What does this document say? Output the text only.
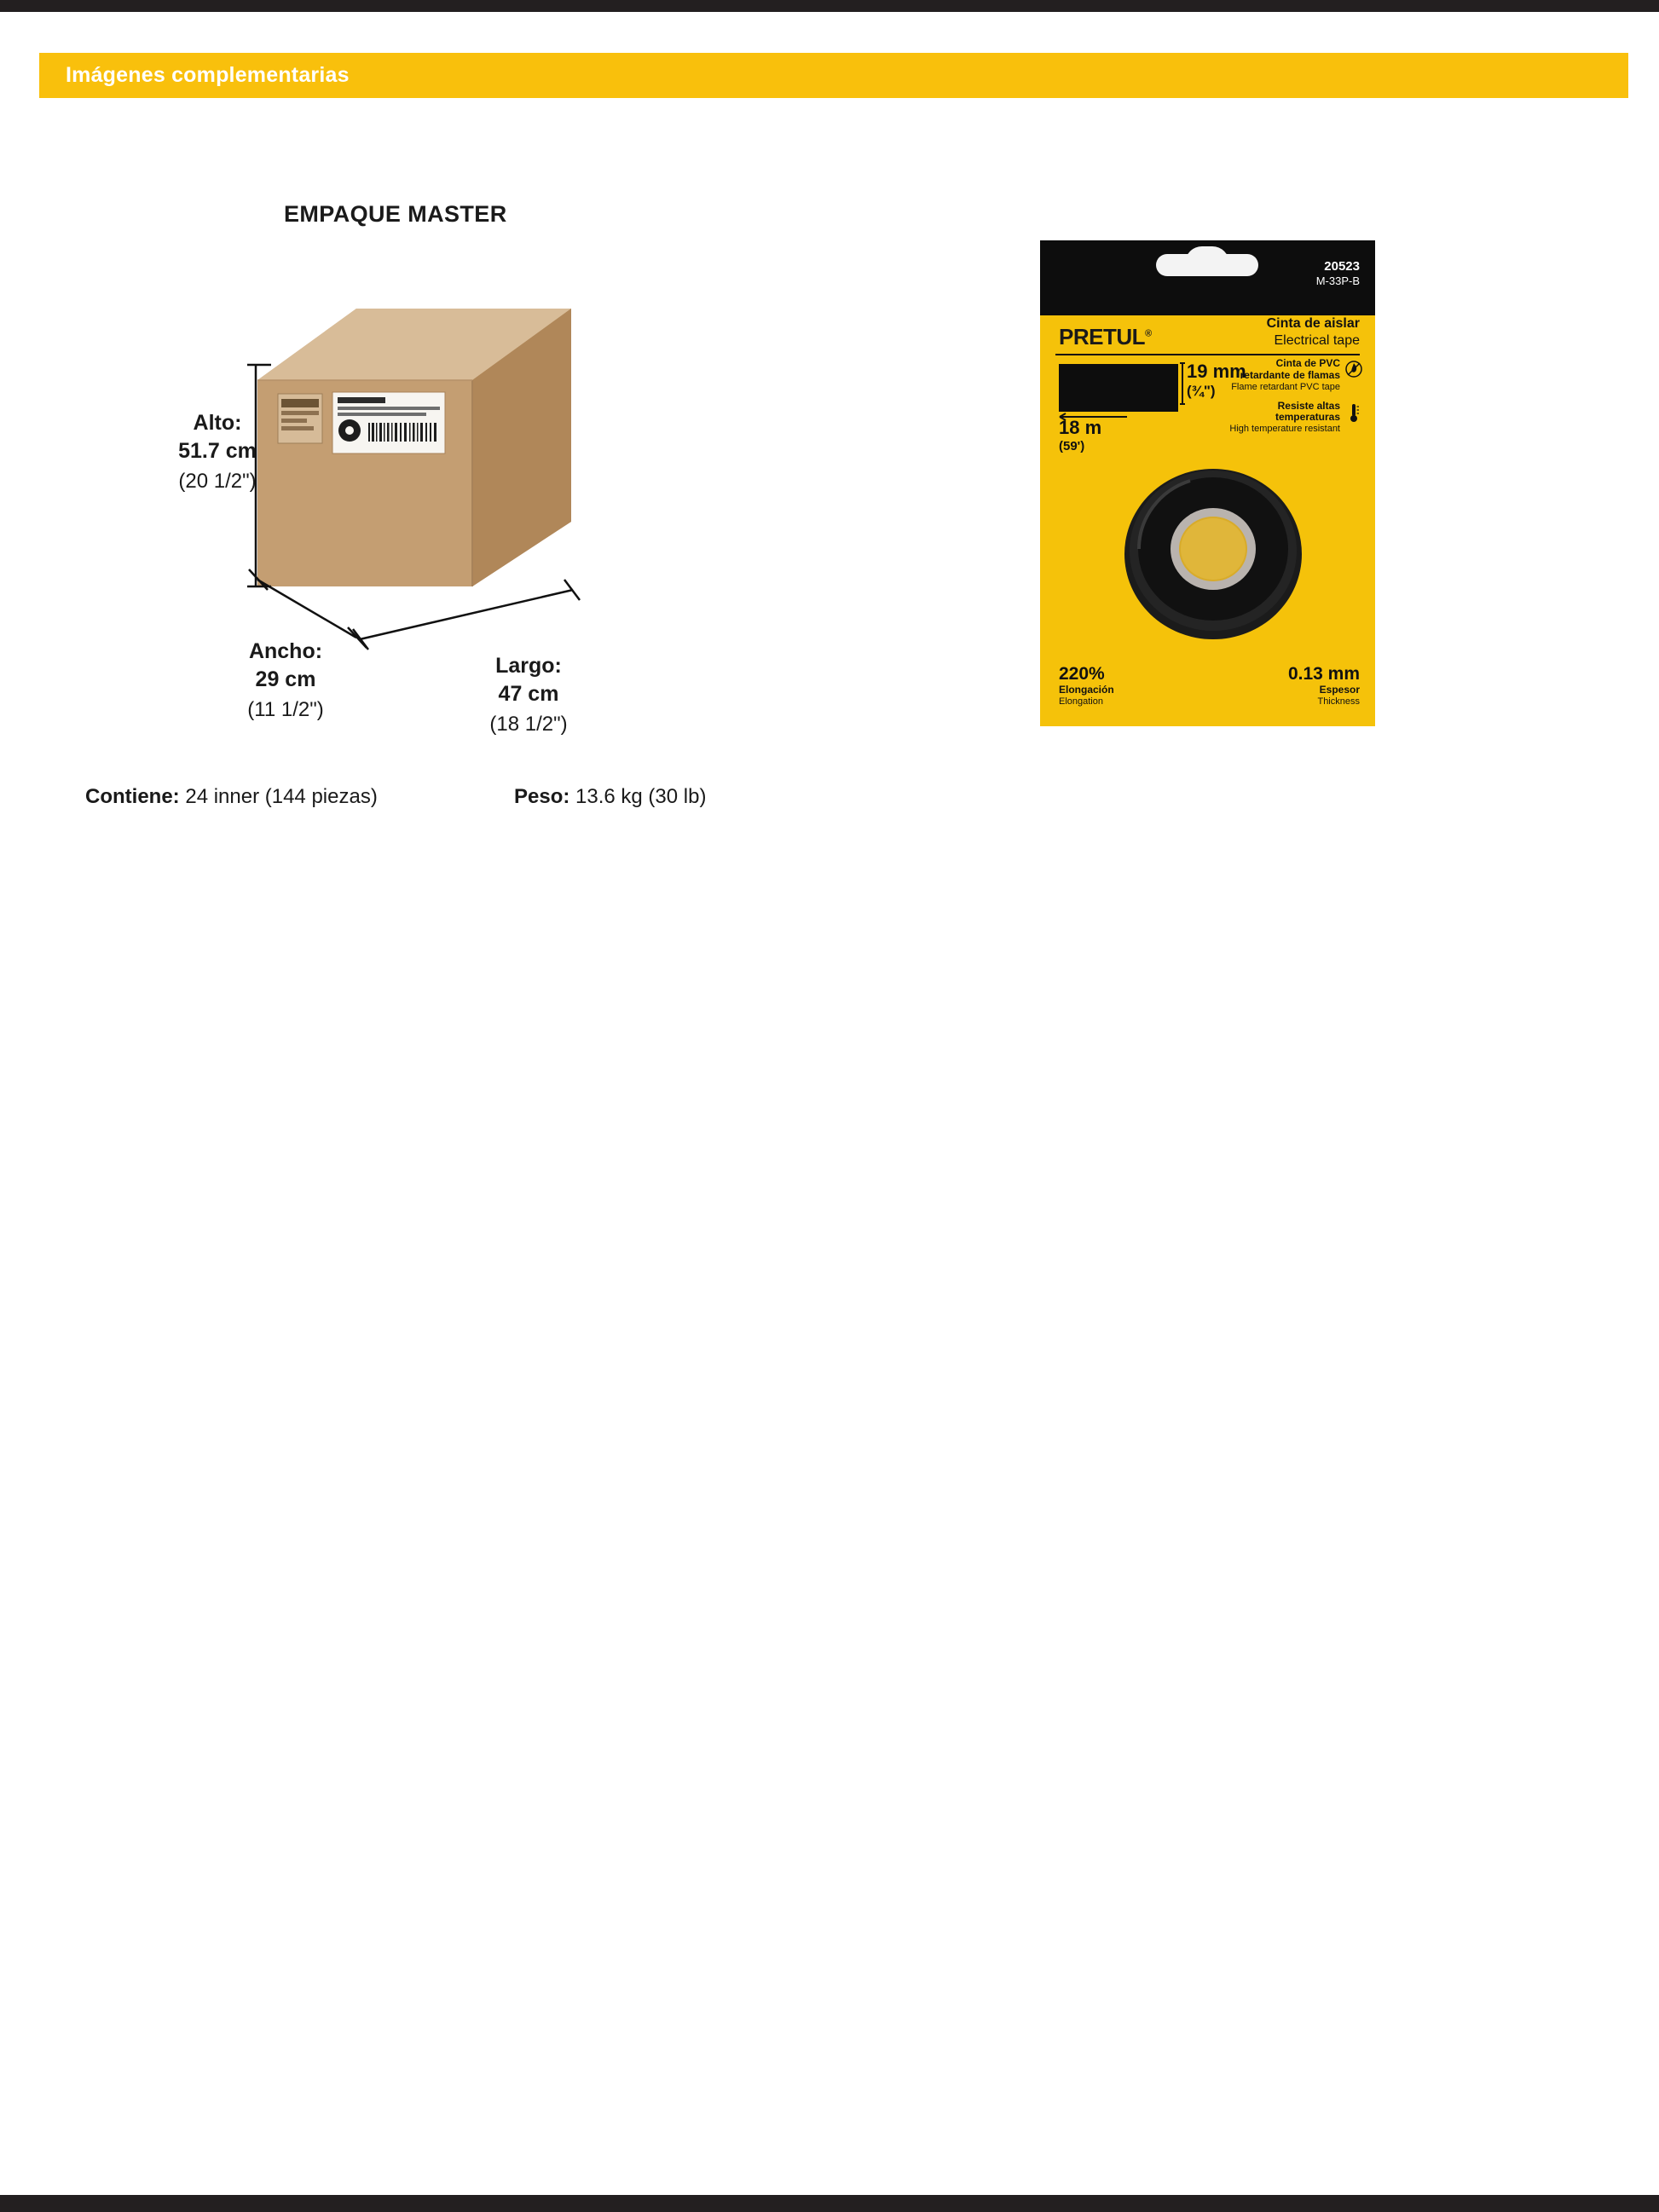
Imágenes complementarias
EMPAQUE MASTER
Alto:
51.7 cm
(20 1/2")
Ancho:
29 cm
(11 1/2")
Largo:
47 cm
(18 1/2")
Contiene: 24 inner (144 piezas)	Peso: 13.6 kg (30 lb)
20523
M-33P-B
PRETUL®
Cinta de aislar
Electrical tape
19 mm
(¾")
18 m
(59')
Cinta de PVC
retardante de flamas
Flame retardant PVC tape
Resiste altas
temperaturas
High temperature resistant
220%
Elongación
Elongation
0.13 mm
Espesor
Thickness
